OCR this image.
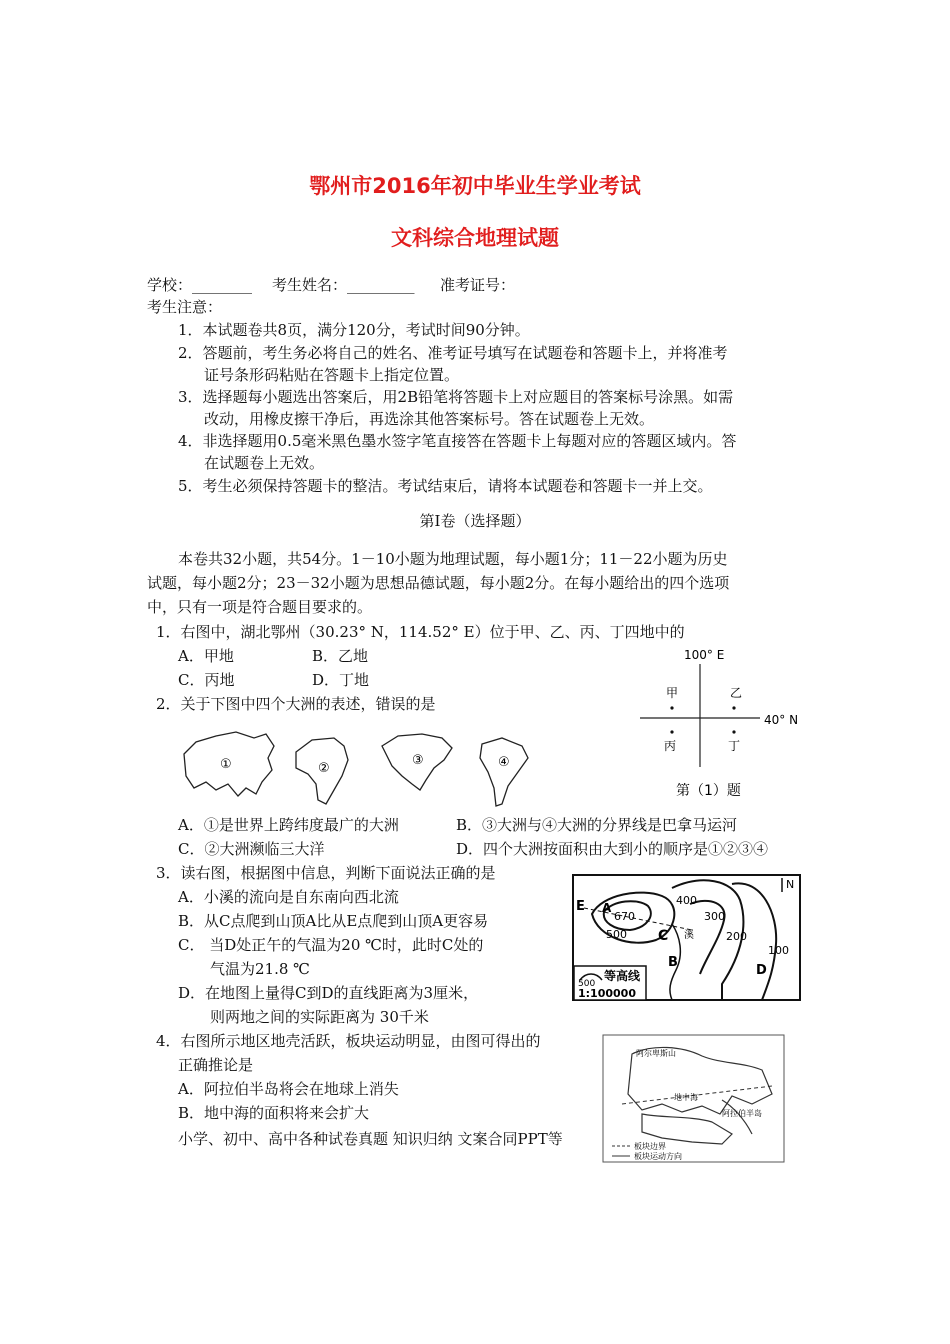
鄂州市2016年初中毕业生学业考试
文科综合地理试题
学校：________ 考生姓名：_________ 准考证号：
考生注意：
1．本试题卷共8页，满分120分，考试时间90分钟。
2．答题前，考生务必将自己的姓名、准考证号填写在试题卷和答题卡上，并将准考
证号条形码粘贴在答题卡上指定位置。
3．选择题每小题选出答案后，用2B铅笔将答题卡上对应题目的答案标号涂黑。如需
改动，用橡皮擦干净后，再选涂其他答案标号。答在试题卷上无效。
4．非选择题用0.5毫米黑色墨水签字笔直接答在答题卡上每题对应的答题区域内。答
在试题卷上无效。
5．考生必须保持答题卡的整洁。考试结束后，请将本试题卷和答题卡一并上交。
第Ⅰ卷（选择题）
本卷共32小题，共54分。1－10小题为地理试题，每小题1分；11－22小题为历史
试题，每小题2分；23－32小题为思想品德试题，每小题2分。在每小题给出的四个选项
中，只有一项是符合题目要求的。
1．右图中，湖北鄂州（30.23° N，114.52° E）位于甲、乙、丙、丁四地中的
A．甲地	B．乙地
C．丙地	D．丁地
100° E
40° N
甲	乙
丙	丁
第（1）题
2．关于下图中四个大洲的表述，错误的是
①	②
③	④
A．①是世界上跨纬度最广的大洲	B．③大洲与④大洲的分界线是巴拿马运河
C．②大洲濒临三大洋	D．四个大洲按面积由大到小的顺序是①②③④
3．读右图，根据图中信息，判断下面说法正确的是
A．小溪的流向是自东南向西北流
B．从C点爬到山顶A比从E点爬到山顶A更容易
C． 当D处正午的气温为20 ℃时，此时C处的
气温为21.8 ℃
D．在地图上量得C到D的直线距离为3厘米，
则两地之间的实际距离为 30千米
E A
670
C
B
D
400
300
200
100
500	溪
N
500
等高线
1:100000
4．右图所示地区地壳活跃，板块运动明显，由图可得出的
正确推论是
A．阿拉伯半岛将会在地球上消失
B．地中海的面积将来会扩大
阿尔卑斯山
地中海
阿拉伯半岛
板块边界
板块运动方向
小学、初中、高中各种试卷真题 知识归纳 文案合同PPT等
